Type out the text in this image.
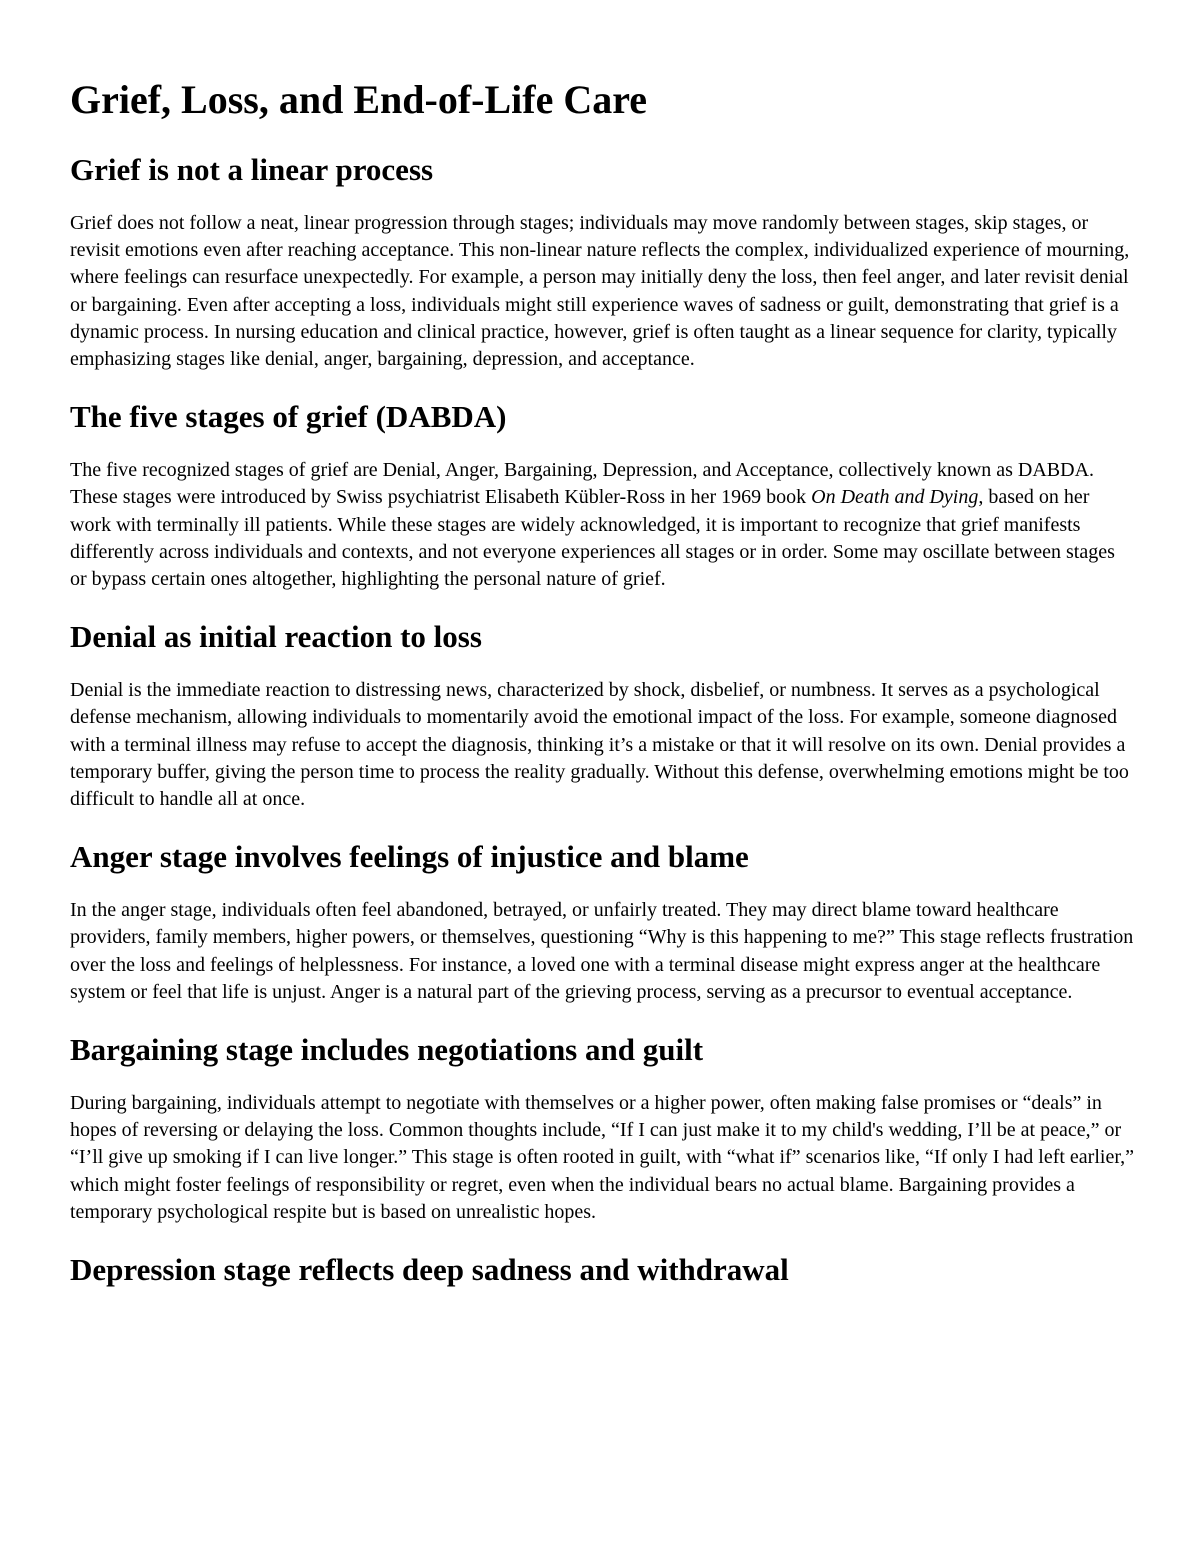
Grief, Loss, and End-of-Life Care
Grief is not a linear process

Grief does not follow a neat, linear progression through stages; individuals may move randomly between stages, skip stages, or revisit emotions even after reaching acceptance. This non-linear nature reflects the complex, individualized experience of mourning, where feelings can resurface unexpectedly. For example, a person may initially deny the loss, then feel anger, and later revisit denial or bargaining. Even after accepting a loss, individuals might still experience waves of sadness or guilt, demonstrating that grief is a dynamic process. In nursing education and clinical practice, however, grief is often taught as a linear sequence for clarity, typically emphasizing stages like denial, anger, bargaining, depression, and acceptance.

The five stages of grief (DABDA)

The five recognized stages of grief are Denial, Anger, Bargaining, Depression, and Acceptance, collectively known as DABDA. These stages were introduced by Swiss psychiatrist Elisabeth Kübler-Ross in her 1969 book On Death and Dying, based on her work with terminally ill patients. While these stages are widely acknowledged, it is important to recognize that grief manifests differently across individuals and contexts, and not everyone experiences all stages or in order. Some may oscillate between stages or bypass certain ones altogether, highlighting the personal nature of grief.

Denial as initial reaction to loss

Denial is the immediate reaction to distressing news, characterized by shock, disbelief, or numbness. It serves as a psychological defense mechanism, allowing individuals to momentarily avoid the emotional impact of the loss. For example, someone diagnosed with a terminal illness may refuse to accept the diagnosis, thinking it’s a mistake or that it will resolve on its own. Denial provides a temporary buffer, giving the person time to process the reality gradually. Without this defense, overwhelming emotions might be too difficult to handle all at once.

Anger stage involves feelings of injustice and blame

In the anger stage, individuals often feel abandoned, betrayed, or unfairly treated. They may direct blame toward healthcare providers, family members, higher powers, or themselves, questioning “Why is this happening to me?” This stage reflects frustration over the loss and feelings of helplessness. For instance, a loved one with a terminal disease might express anger at the healthcare system or feel that life is unjust. Anger is a natural part of the grieving process, serving as a precursor to eventual acceptance.

Bargaining stage includes negotiations and guilt

During bargaining, individuals attempt to negotiate with themselves or a higher power, often making false promises or “deals” in hopes of reversing or delaying the loss. Common thoughts include, “If I can just make it to my child's wedding, I’ll be at peace,” or “I’ll give up smoking if I can live longer.” This stage is often rooted in guilt, with “what if” scenarios like, “If only I had left earlier,” which might foster feelings of responsibility or regret, even when the individual bears no actual blame. Bargaining provides a temporary psychological respite but is based on unrealistic hopes.

Depression stage reflects deep sadness and withdrawal
